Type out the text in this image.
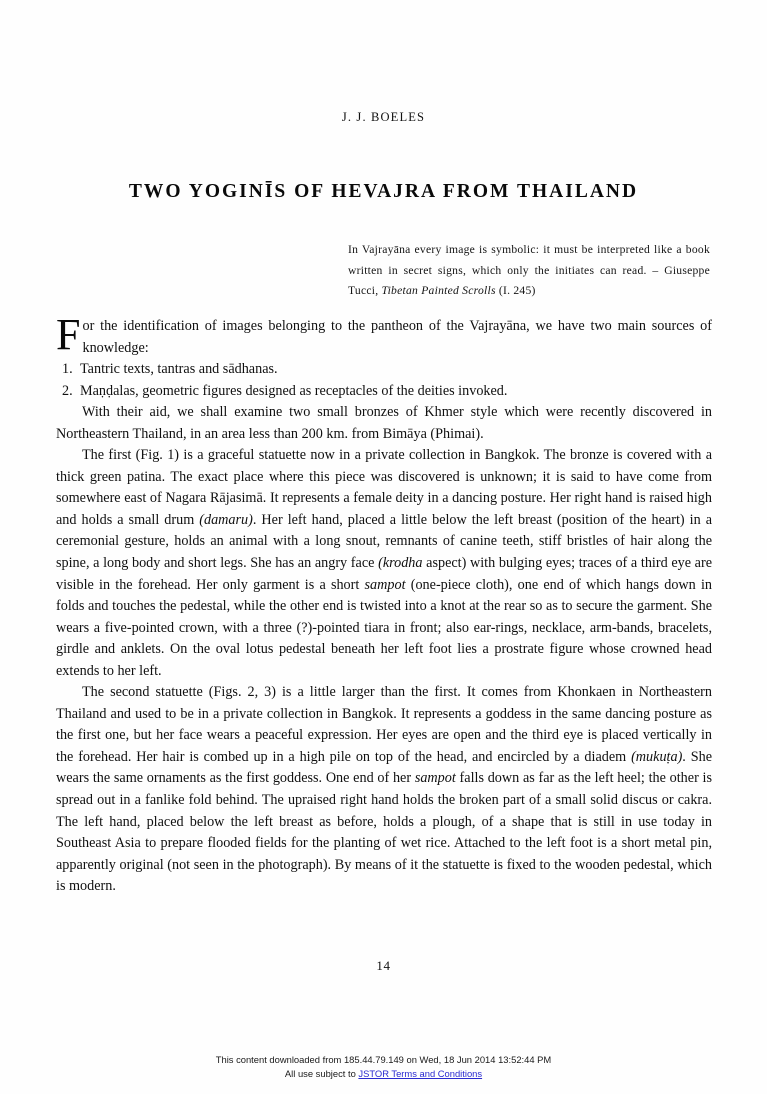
J. J. BOELES
TWO YOGINĪS OF HEVAJRA FROM THAILAND
In Vajrayāna every image is symbolic: it must be interpreted like a book written in secret signs, which only the initiates can read. – Giuseppe Tucci, Tibetan Painted Scrolls (I. 245)

For the identification of images belonging to the pantheon of the Vajrayāna, we have two main sources of knowledge:

1. Tantric texts, tantras and sādhanas.
2. Maṇḍalas, geometric figures designed as receptacles of the deities invoked.

With their aid, we shall examine two small bronzes of Khmer style which were recently discovered in Northeastern Thailand, in an area less than 200 km. from Bimāya (Phimai).

The first (Fig. 1) is a graceful statuette now in a private collection in Bangkok. The bronze is covered with a thick green patina. The exact place where this piece was discovered is unknown; it is said to have come from somewhere east of Nagara Rājasimā. It represents a female deity in a dancing posture. Her right hand is raised high and holds a small drum (damaru). Her left hand, placed a little below the left breast (position of the heart) in a ceremonial gesture, holds an animal with a long snout, remnants of canine teeth, stiff bristles of hair along the spine, a long body and short legs. She has an angry face (krodha aspect) with bulging eyes; traces of a third eye are visible in the forehead. Her only garment is a short sampot (one-piece cloth), one end of which hangs down in folds and touches the pedestal, while the other end is twisted into a knot at the rear so as to secure the garment. She wears a five-pointed crown, with a three (?)-pointed tiara in front; also ear-rings, necklace, arm-bands, bracelets, girdle and anklets. On the oval lotus pedestal beneath her left foot lies a prostrate figure whose crowned head extends to her left.

The second statuette (Figs. 2, 3) is a little larger than the first. It comes from Khonkaen in Northeastern Thailand and used to be in a private collection in Bangkok. It represents a goddess in the same dancing posture as the first one, but her face wears a peaceful expression. Her eyes are open and the third eye is placed vertically in the forehead. Her hair is combed up in a high pile on top of the head, and encircled by a diadem (mukuṭa). She wears the same ornaments as the first goddess. One end of her sampot falls down as far as the left heel; the other is spread out in a fanlike fold behind. The upraised right hand holds the broken part of a small solid discus or cakra. The left hand, placed below the left breast as before, holds a plough, of a shape that is still in use today in Southeast Asia to prepare flooded fields for the planting of wet rice. Attached to the left foot is a short metal pin, apparently original (not seen in the photograph). By means of it the statuette is fixed to the wooden pedestal, which is modern.

14
This content downloaded from 185.44.79.149 on Wed, 18 Jun 2014 13:52:44 PM
All use subject to JSTOR Terms and Conditions
